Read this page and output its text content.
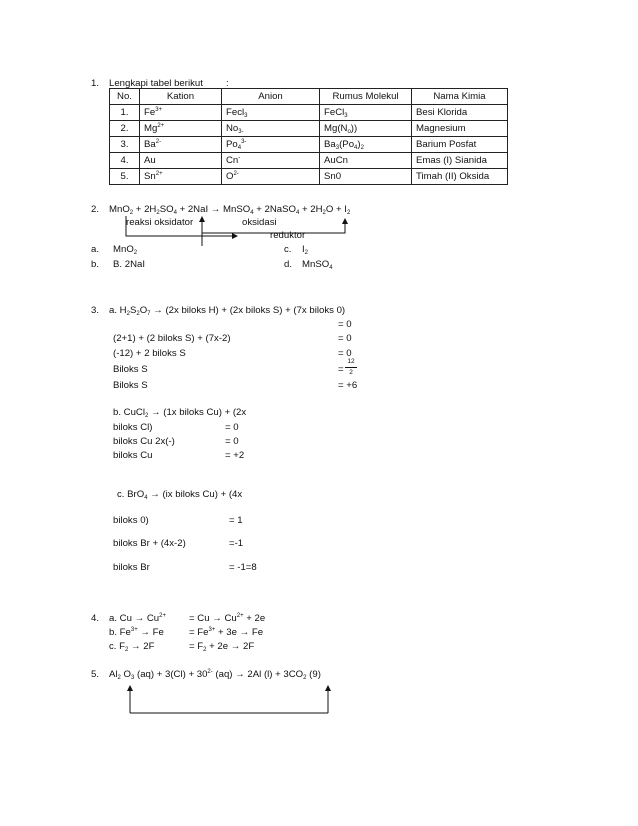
1. Lengkapi tabel berikut :
No.	Kation	Anion	Rumus Molekul	Nama Kimia
1.	$Fe^{3+}$	Fecl$_3$	FeCl$_3$	Besi Klorida
2.	$Mg^{2+}$	$No_{3-}$	$Mg(N_o)$)	Magnesium
3.	$Ba^{2-}$	$Po_4^{3-}$	$Ba_3(Po_4)_2$	Barium Posfat
4.	Au	Cn-	AuCn	Emas (I) Sianida
5.	$Sn^{2+}$	$O^{2-}$	Sn0	Timah (II) Oksida
2. $MnO_2 + 2H_2SO_4 + 2NaI$ → MnSO$_4$ + 2NaSO$_4$ + $2H_2O + I_2$
reaksi oksidator	oksidasi
reduktor
a. MnO$_2$
b. B. 2NaI
c. $I_2$
d. MnSO$_4$
3. a. $H_2S_2O_7 \to (2x$ biloks H) + (2x biloks S) + (7x biloks 0)
= 0
(2+1) + (2 biloks S) + (7x-2)	= 0
(-12) + 2 biloks S	= 0
Biloks S	=
12
2
Biloks S	= +6
b. CuCl$_2$ → (1x biloks Cu) + (2x
biloks Cl)	= 0
biloks Cu 2x(-)	= 0
biloks Cu	= +2
c. BrO$_4$ → (ix biloks Cu) + (4x
biloks 0)	= 1
biloks Br + (4x-2)	=-1
biloks Br	= -1=8
4. a. $Cu \to Cu^{2+} = Cu \to Cu^{2+} + 2e$
b. $Fe^{3+} \to Fe$	= $Fe^{3+} + 3e \to Fe$
c. $F_2 \to 2F$	= $F_2 + 2e \to 2F$
5. $Al_2$ $O_3$ $(aq) + 3(Cl) + 30^{2-}$ (aq) → 2Al $(l) + 3CO_2$ (9)
